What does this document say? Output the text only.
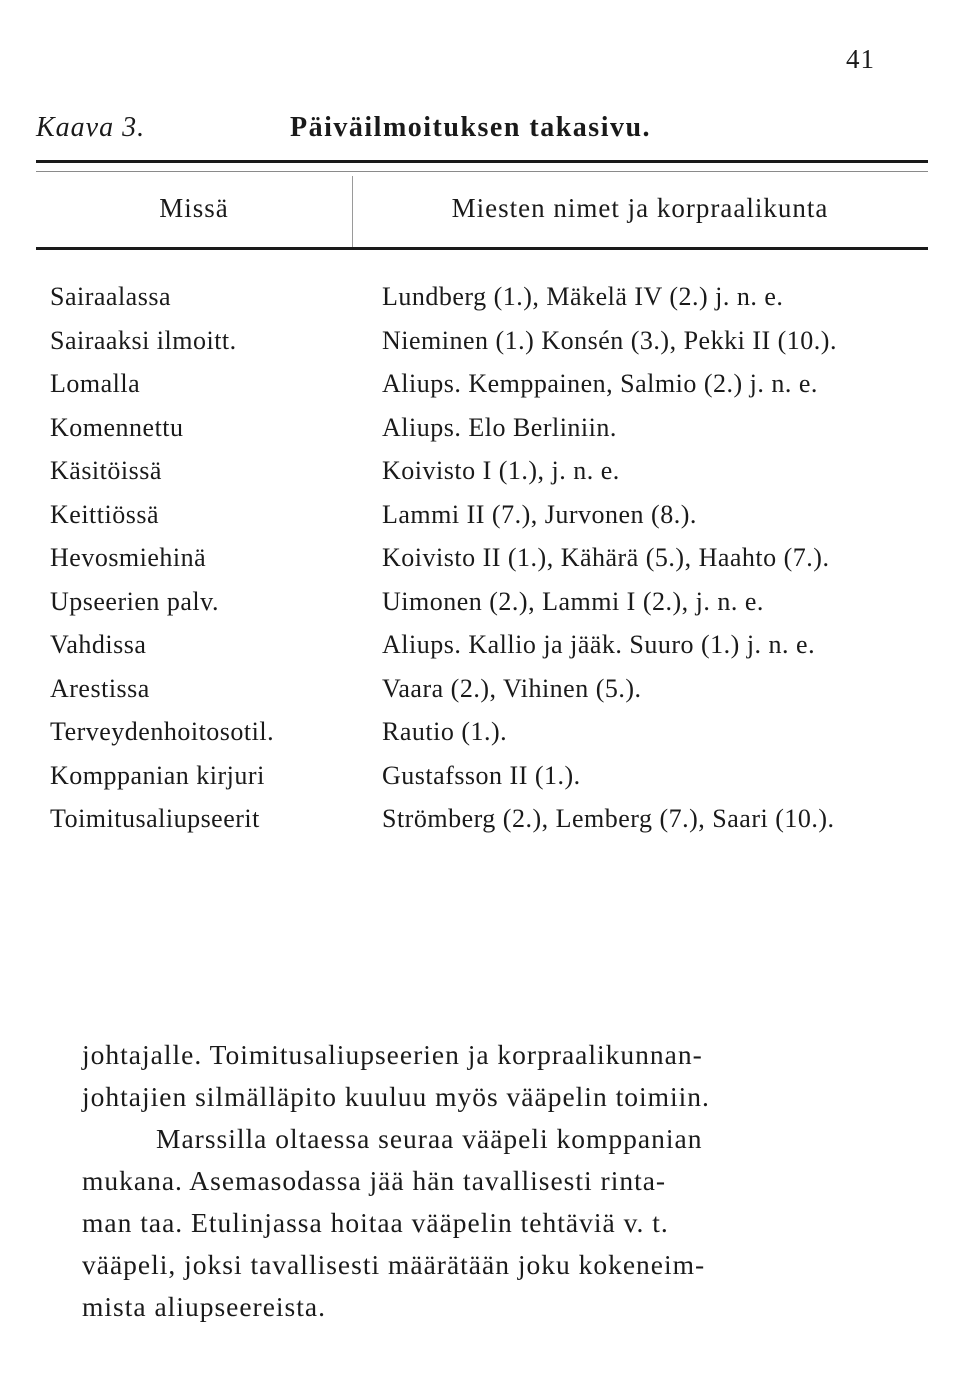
41
Kaava 3.	Päiväilmoituksen takasivu.
Missä	Miesten nimet ja korpraalikunta
Sairaalassa	Lundberg (1.), Mäkelä IV (2.) j. n. e.
Sairaaksi ilmoitt.	Nieminen (1.) Konsén (3.), Pekki II (10.).
Lomalla	Aliups. Kemppainen, Salmio (2.) j. n. e.
Komennettu	Aliups. Elo Berliniin.
Käsitöissä	Koivisto I (1.), j. n. e.
Keittiössä	Lammi II (7.), Jurvonen (8.).
Hevosmiehinä	Koivisto II (1.), Kähärä (5.), Haahto (7.).
Upseerien palv.	Uimonen (2.), Lammi I (2.), j. n. e.
Vahdissa	Aliups. Kallio ja jääk. Suuro (1.) j. n. e.
Arestissa	Vaara (2.), Vihinen (5.).
Terveydenhoitosotil.	Rautio (1.).
Komppanian kirjuri	Gustafsson II (1.).
Toimitusaliupseerit	Strömberg (2.), Lemberg (7.), Saari (10.).
johtajalle. Toimitusaliupseerien ja korpraalikunnan-
johtajien silmälläpito kuuluu myös vääpelin toimiin.
Marssilla oltaessa seuraa vääpeli komppanian
mukana. Asemasodassa jää hän tavallisesti rinta-
man taa. Etulinjassa hoitaa vääpelin tehtäviä v. t.
vääpeli, joksi tavallisesti määrätään joku kokeneim-
mista aliupseereista.
